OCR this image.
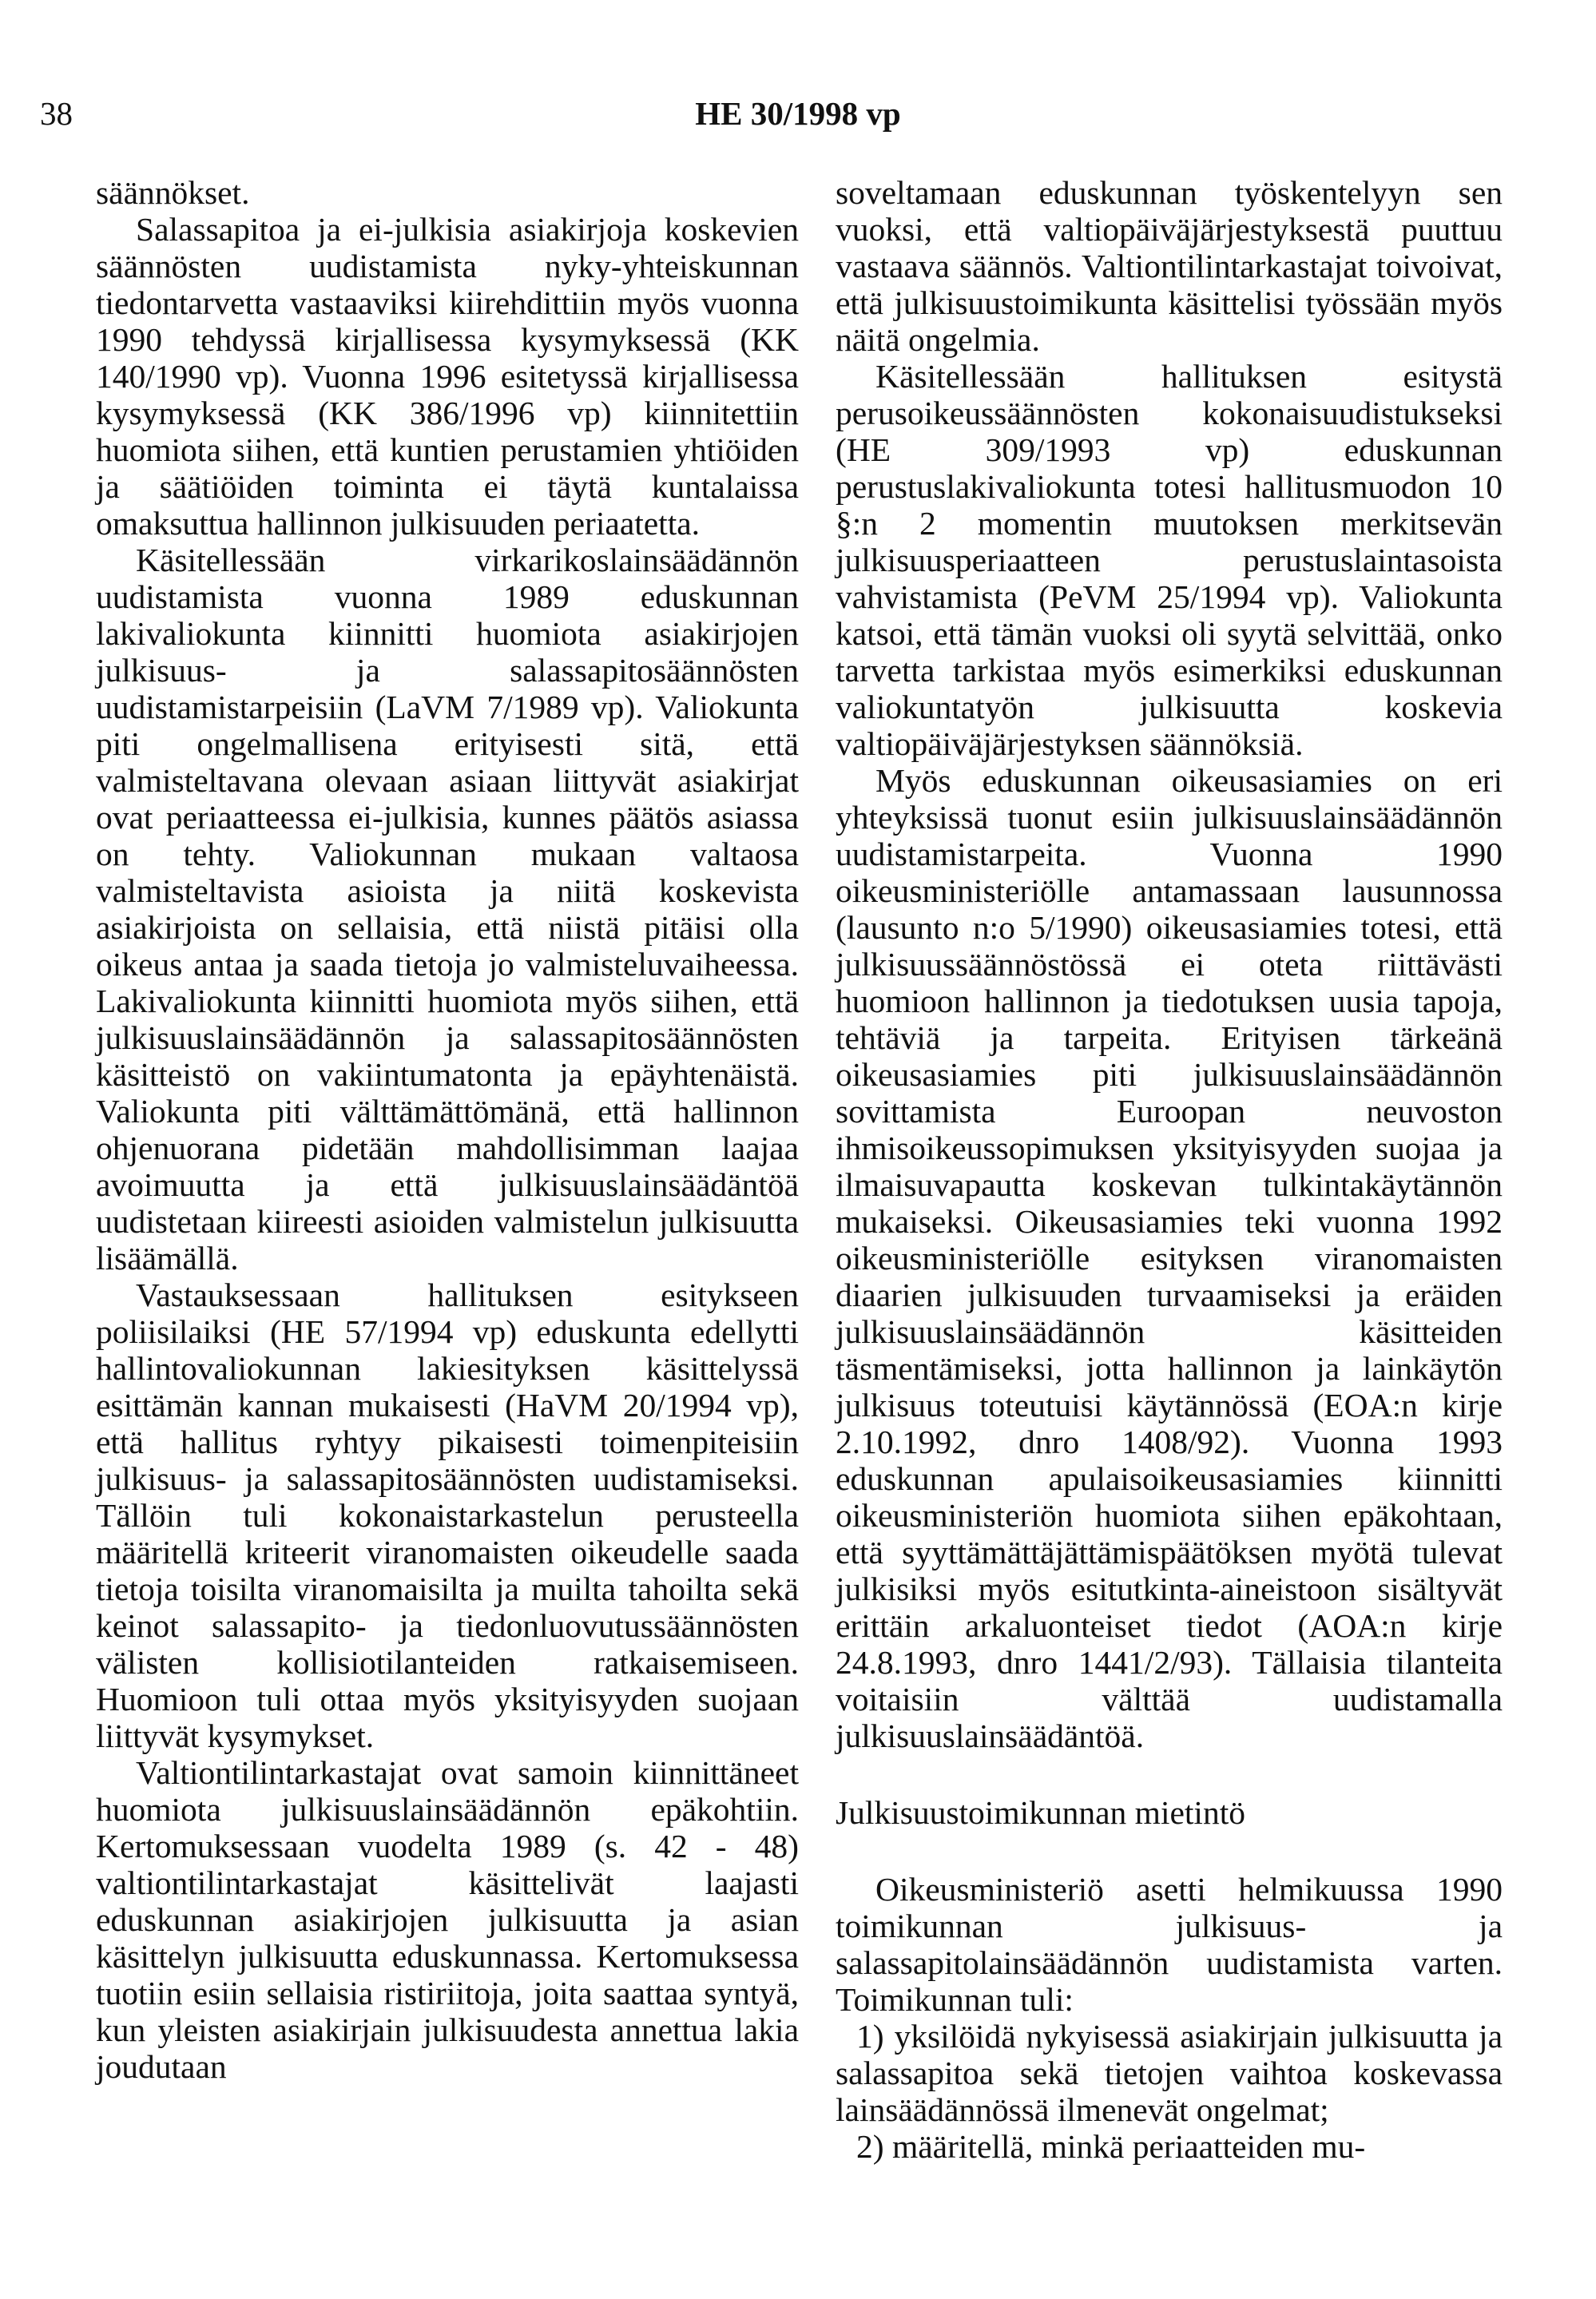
38	HE 30/1998 vp

säännökset.

Salassapitoa ja ei-julkisia asiakirjoja koskevien säännösten uudistamista nyky-yhteiskunnan tiedontarvetta vastaaviksi kiirehdittiin myös vuonna 1990 tehdyssä kirjallisessa kysymyksessä (KK 140/1990 vp). Vuonna 1996 esitetyssä kirjallisessa kysymyksessä (KK 386/1996 vp) kiinnitettiin huomiota siihen, että kuntien perustamien yhtiöiden ja säätiöiden toiminta ei täytä kuntalaissa omaksuttua hallinnon julkisuuden periaatetta.

Käsitellessään virkarikoslainsäädännön uudistamista vuonna 1989 eduskunnan lakivaliokunta kiinnitti huomiota asiakirjojen julkisuus- ja salassapitosäännösten uudistamistarpeisiin (LaVM 7/1989 vp). Valiokunta piti ongelmallisena erityisesti sitä, että valmisteltavana olevaan asiaan liittyvät asiakirjat ovat periaatteessa ei-julkisia, kunnes päätös asiassa on tehty. Valiokunnan mukaan valtaosa valmisteltavista asioista ja niitä koskevista asiakirjoista on sellaisia, että niistä pitäisi olla oikeus antaa ja saada tietoja jo valmisteluvaiheessa. Lakivaliokunta kiinnitti huomiota myös siihen, että julkisuuslainsäädännön ja salassapitosäännösten käsitteistö on vakiintumatonta ja epäyhtenäistä. Valiokunta piti välttämättömänä, että hallinnon ohjenuorana pidetään mahdollisimman laajaa avoimuutta ja että julkisuuslainsäädäntöä uudistetaan kiireesti asioiden valmistelun julkisuutta lisäämällä.

Vastauksessaan hallituksen esitykseen poliisilaiksi (HE 57/1994 vp) eduskunta edellytti hallintovaliokunnan lakiesityksen käsittelyssä esittämän kannan mukaisesti (HaVM 20/1994 vp), että hallitus ryhtyy pikaisesti toimenpiteisiin julkisuus- ja salassapitosäännösten uudistamiseksi. Tällöin tuli kokonaistarkastelun perusteella määritellä kriteerit viranomaisten oikeudelle saada tietoja toisilta viranomaisilta ja muilta tahoilta sekä keinot salassapito- ja tiedonluovutussäännösten välisten kollisiotilanteiden ratkaisemiseen. Huomioon tuli ottaa myös yksityisyyden suojaan liittyvät kysymykset.

Valtiontilintarkastajat ovat samoin kiinnittäneet huomiota julkisuuslainsäädännön epäkohtiin. Kertomuksessaan vuodelta 1989 (s. 42 - 48) valtiontilintarkastajat käsittelivät laajasti eduskunnan asiakirjojen julkisuutta ja asian käsittelyn julkisuutta eduskunnassa. Kertomuksessa tuotiin esiin sellaisia ristiriitoja, joita saattaa syntyä, kun yleisten asiakirjain julkisuudesta annettua lakia joudutaan

soveltamaan eduskunnan työskentelyyn sen vuoksi, että valtiopäiväjärjestyksestä puuttuu vastaava säännös. Valtiontilintarkastajat toivoivat, että julkisuustoimikunta käsittelisi työssään myös näitä ongelmia.

Käsitellessään hallituksen esitystä perusoikeussäännösten kokonaisuudistukseksi (HE 309/1993 vp) eduskunnan perustuslakivaliokunta totesi hallitusmuodon 10 §:n 2 momentin muutoksen merkitsevän julkisuusperiaatteen perustuslaintasoista vahvistamista (PeVM 25/1994 vp). Valiokunta katsoi, että tämän vuoksi oli syytä selvittää, onko tarvetta tarkistaa myös esimerkiksi eduskunnan valiokuntatyön julkisuutta koskevia valtiopäiväjärjestyksen säännöksiä.

Myös eduskunnan oikeusasiamies on eri yhteyksissä tuonut esiin julkisuuslainsäädännön uudistamistarpeita. Vuonna 1990 oikeusministeriölle antamassaan lausunnossa (lausunto n:o 5/1990) oikeusasiamies totesi, että julkisuussäännöstössä ei oteta riittävästi huomioon hallinnon ja tiedotuksen uusia tapoja, tehtäviä ja tarpeita. Erityisen tärkeänä oikeusasiamies piti julkisuuslainsäädännön sovittamista Euroopan neuvoston ihmisoikeussopimuksen yksityisyyden suojaa ja ilmaisuvapautta koskevan tulkintakäytännön mukaiseksi. Oikeusasiamies teki vuonna 1992 oikeusministeriölle esityksen viranomaisten diaarien julkisuuden turvaamiseksi ja eräiden julkisuuslainsäädännön käsitteiden täsmentämiseksi, jotta hallinnon ja lainkäytön julkisuus toteutuisi käytännössä (EOA:n kirje 2.10.1992, dnro 1408/92). Vuonna 1993 eduskunnan apulaisoikeusasiamies kiinnitti oikeusministeriön huomiota siihen epäkohtaan, että syyttämättäjättämispäätöksen myötä tulevat julkisiksi myös esitutkinta-aineistoon sisältyvät erittäin arkaluonteiset tiedot (AOA:n kirje 24.8.1993, dnro 1441/2/93). Tällaisia tilanteita voitaisiin välttää uudistamalla julkisuuslainsäädäntöä.

Julkisuustoimikunnan mietintö

Oikeusministeriö asetti helmikuussa 1990 toimikunnan julkisuus- ja salassapitolainsäädännön uudistamista varten. Toimikunnan tuli:

1) yksilöidä nykyisessä asiakirjain julkisuutta ja salassapitoa sekä tietojen vaihtoa koskevassa lainsäädännössä ilmenevät ongelmat;

2) määritellä, minkä periaatteiden mu-
